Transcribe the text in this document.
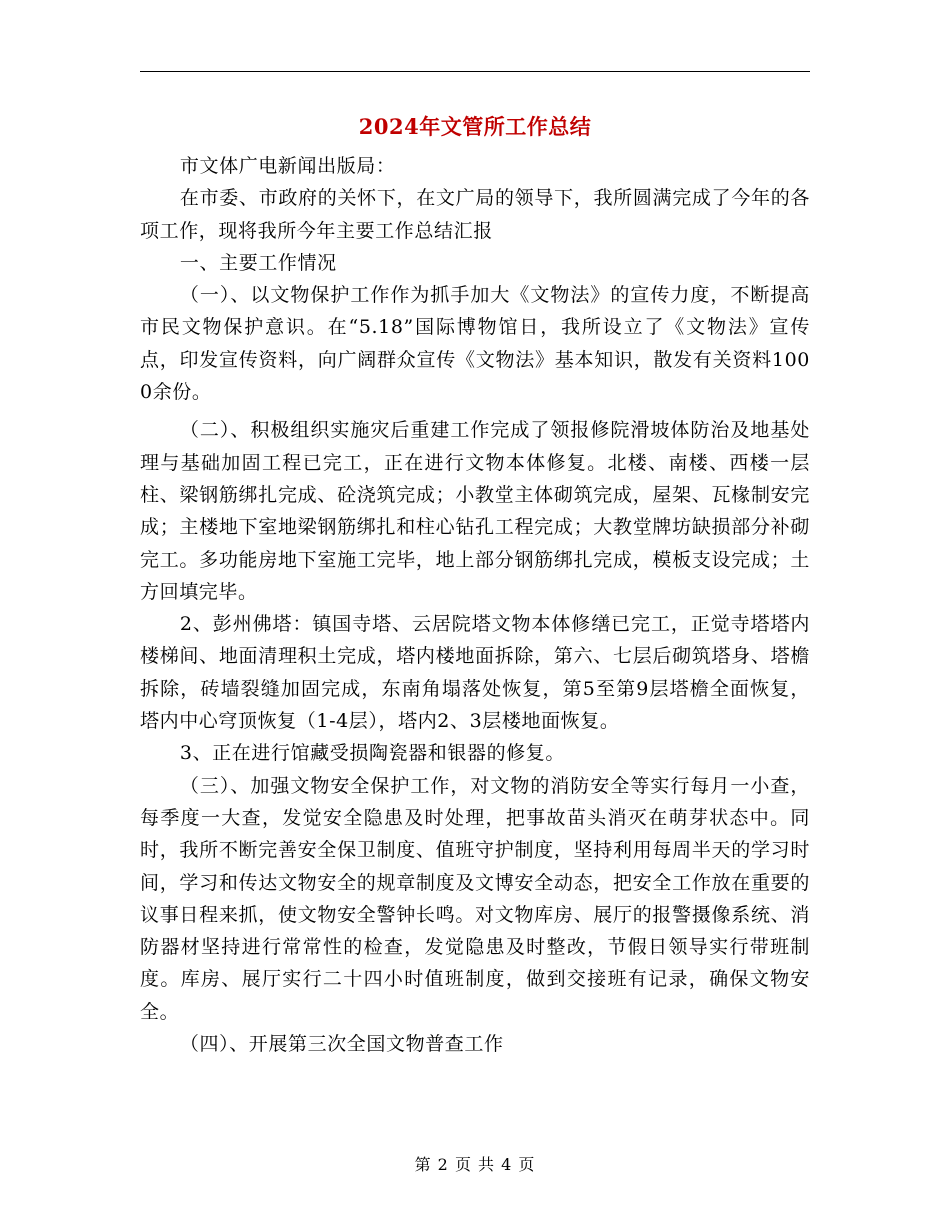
2024年文管所工作总结

市文体广电新闻出版局：

在市委、市政府的关怀下，在文广局的领导下，我所圆满完成了今年的各项工作，现将我所今年主要工作总结汇报

一、主要工作情况

（一）、以文物保护工作作为抓手加大《文物法》的宣传力度，不断提高市民文物保护意识。在“5.18”国际博物馆日，我所设立了《文物法》宣传点，印发宣传资料，向广阔群众宣传《文物法》基本知识，散发有关资料1000余份。

（二）、积极组织实施灾后重建工作完成了领报修院滑坡体防治及地基处理与基础加固工程已完工，正在进行文物本体修复。北楼、南楼、西楼一层柱、梁钢筋绑扎完成、砼浇筑完成；小教堂主体砌筑完成，屋架、瓦椽制安完成；主楼地下室地梁钢筋绑扎和柱心钻孔工程完成；大教堂牌坊缺损部分补砌完工。多功能房地下室施工完毕，地上部分钢筋绑扎完成，模板支设完成；土方回填完毕。

2、彭州佛塔：镇国寺塔、云居院塔文物本体修缮已完工，正觉寺塔塔内楼梯间、地面清理积土完成，塔内楼地面拆除，第六、七层后砌筑塔身、塔檐拆除，砖墙裂缝加固完成，东南角塌落处恢复，第5至第9层塔檐全面恢复，塔内中心穹顶恢复（1-4层），塔内2、3层楼地面恢复。

3、正在进行馆藏受损陶瓷器和银器的修复。

（三）、加强文物安全保护工作，对文物的消防安全等实行每月一小查，每季度一大查，发觉安全隐患及时处理，把事故苗头消灭在萌芽状态中。同时，我所不断完善安全保卫制度、值班守护制度，坚持利用每周半天的学习时间，学习和传达文物安全的规章制度及文博安全动态，把安全工作放在重要的议事日程来抓，使文物安全警钟长鸣。对文物库房、展厅的报警摄像系统、消防器材坚持进行常常性的检查，发觉隐患及时整改，节假日领导实行带班制度。库房、展厅实行二十四小时值班制度，做到交接班有记录，确保文物安全。

（四）、开展第三次全国文物普查工作

第 2 页 共 4 页
